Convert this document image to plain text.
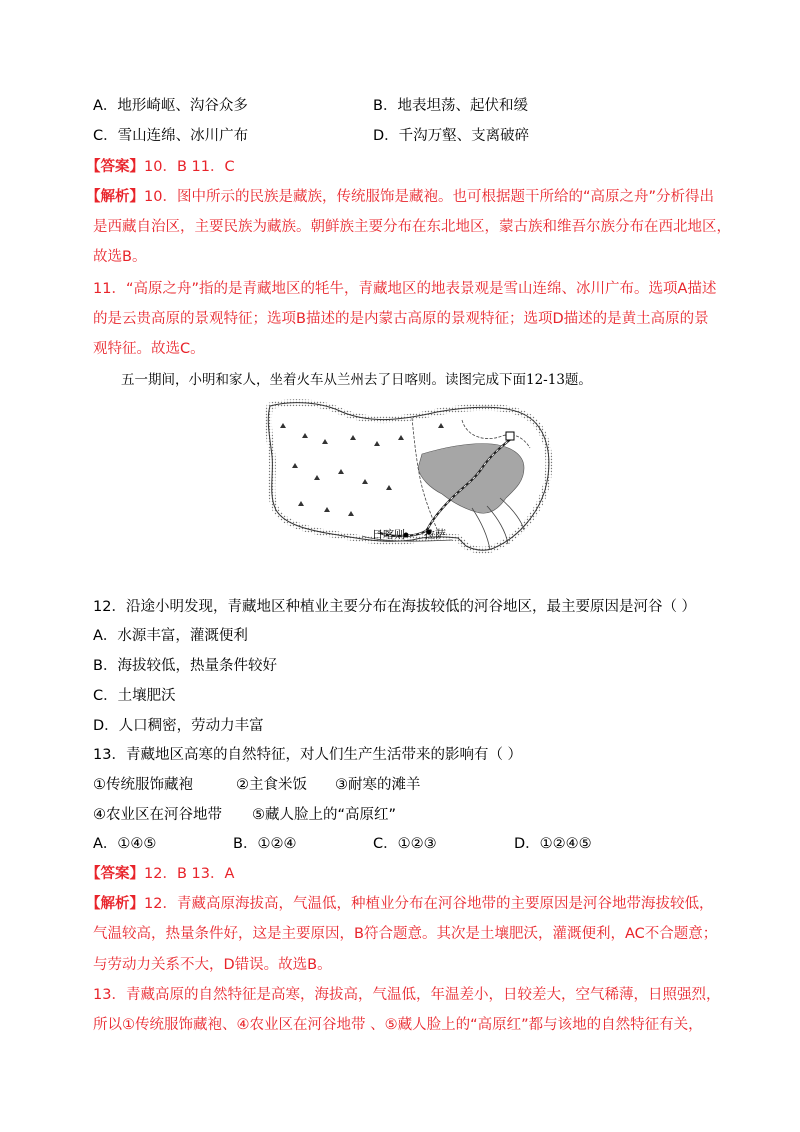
A．地形崎岖、沟谷众多	B．地表坦荡、起伏和缓
C．雪山连绵、冰川广布	D．千沟万壑、支离破碎
【答案】10．B 11．C
【解析】10．图中所示的民族是藏族，传统服饰是藏袍。也可根据题干所给的“高原之舟”分析得出
是西藏自治区，主要民族为藏族。朝鲜族主要分布在东北地区，蒙古族和维吾尔族分布在西北地区，
故选B。
11．“高原之舟”指的是青藏地区的牦牛，青藏地区的地表景观是雪山连绵、冰川广布。选项A描述
的是云贵高原的景观特征；选项B描述的是内蒙古高原的景观特征；选项D描述的是黄土高原的景
观特征。故选C。
五一期间，小明和家人，坐着火车从兰州去了日喀则。读图完成下面12-13题。
日喀则 拉萨
12．沿途小明发现，青藏地区种植业主要分布在海拔较低的河谷地区，最主要原因是河谷（ ）
A．水源丰富，灌溉便利
B．海拔较低，热量条件较好
C．土壤肥沃
D．人口稠密，劳动力丰富
13．青藏地区高寒的自然特征，对人们生产生活带来的影响有（ ）
①传统服饰藏袍	②主食米饭 ③耐寒的滩羊
④农业区在河谷地带 ⑤藏人脸上的“高原红”
A．①④⑤	B．①②④	C．①②③	D．①②④⑤
【答案】12．B 13．A
【解析】12．青藏高原海拔高，气温低，种植业分布在河谷地带的主要原因是河谷地带海拔较低，
气温较高，热量条件好，这是主要原因，B符合题意。其次是土壤肥沃，灌溉便利，AC不合题意；
与劳动力关系不大，D错误。故选B。
13．青藏高原的自然特征是高寒，海拔高，气温低，年温差小，日较差大，空气稀薄，日照强烈，
所以①传统服饰藏袍、④农业区在河谷地带 、⑤藏人脸上的“高原红”都与该地的自然特征有关，
